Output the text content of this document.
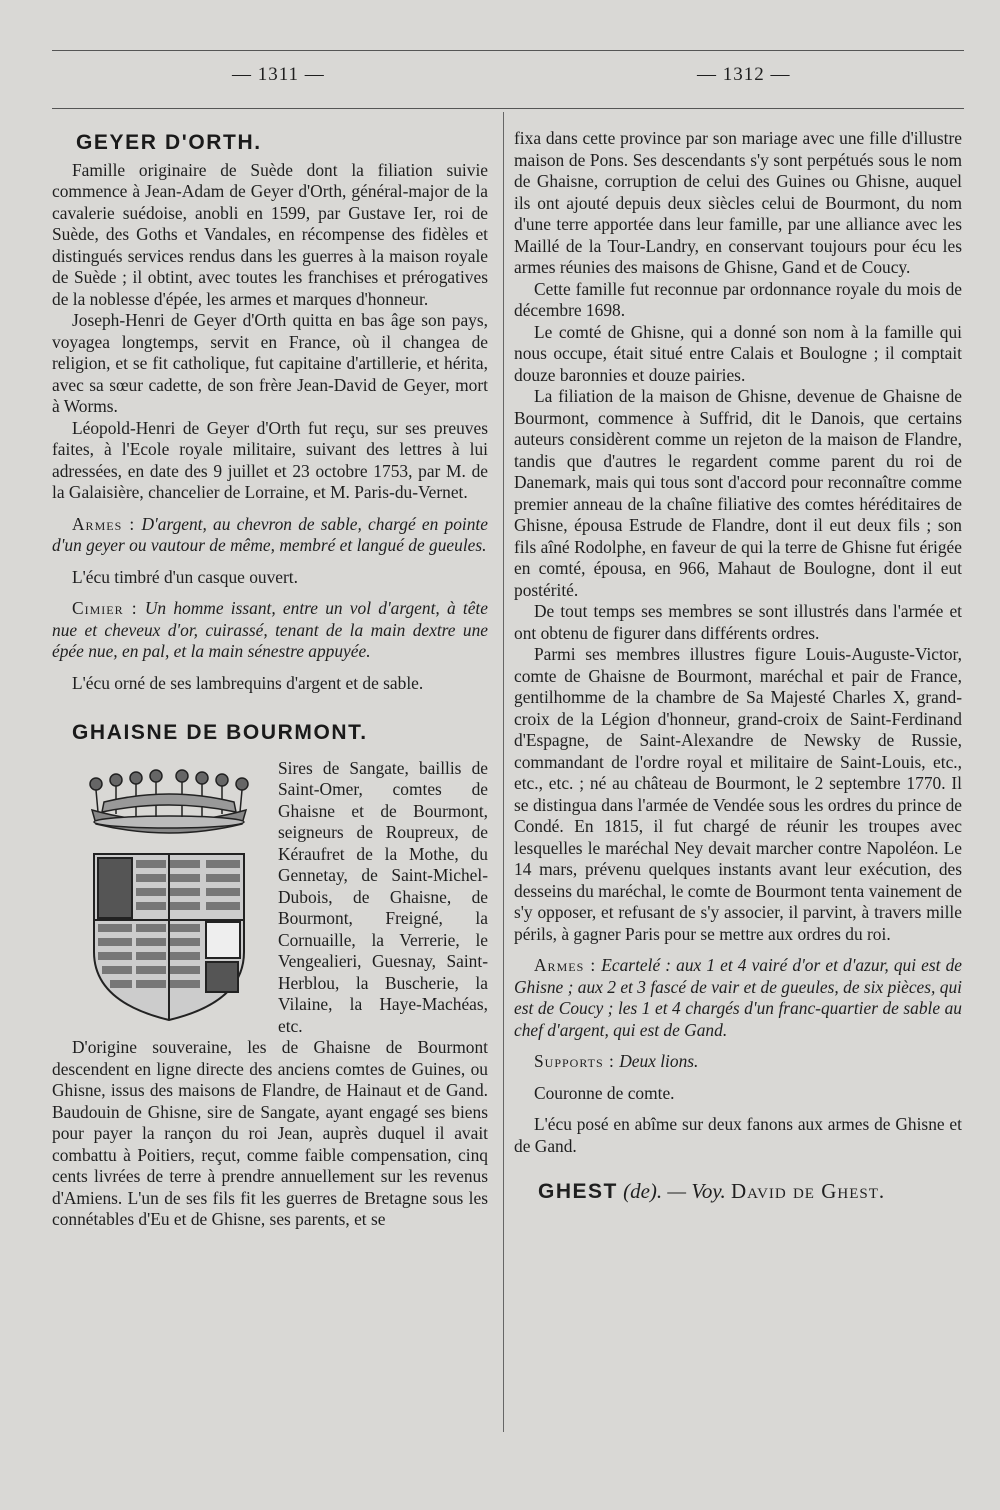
— 1311 —	— 1312 —
GEYER D'ORTH.

Famille originaire de Suède dont la filiation suivie commence à Jean-Adam de Geyer d'Orth, général-major de la cavalerie suédoise, anobli en 1599, par Gustave Ier, roi de Suède, des Goths et Vandales, en récompense des fidèles et distingués services rendus dans les guerres à la maison royale de Suède ; il obtint, avec toutes les franchises et prérogatives de la noblesse d'épée, les armes et marques d'honneur.

Joseph-Henri de Geyer d'Orth quitta en bas âge son pays, voyagea longtemps, servit en France, où il changea de religion, et se fit catholique, fut capitaine d'artillerie, et hérita, avec sa sœur cadette, de son frère Jean-David de Geyer, mort à Worms.

Léopold-Henri de Geyer d'Orth fut reçu, sur ses preuves faites, à l'Ecole royale militaire, suivant des lettres à lui adressées, en date des 9 juillet et 23 octobre 1753, par M. de la Galaisière, chancelier de Lorraine, et M. Paris-du-Vernet.

Armes : D'argent, au chevron de sable, chargé en pointe d'un geyer ou vautour de même, membré et langué de gueules.

L'écu timbré d'un casque ouvert.

Cimier : Un homme issant, entre un vol d'argent, à tête nue et cheveux d'or, cuirassé, tenant de la main dextre une épée nue, en pal, et la main sénestre appuyée.

L'écu orné de ses lambrequins d'argent et de sable.

GHAISNE DE BOURMONT.

Sires de Sangate, baillis de Saint-Omer, comtes de Ghaisne et de Bourmont, seigneurs de Roupreux, de Kéraufret de la Mothe, du Gennetay, de Saint-Michel-Dubois, de Ghaisne, de Bourmont, Freigné, la Cornuaille, la Verrerie, le Vengealieri, Guesnay, Saint-Herblou, la Buscherie, la Vilaine, la Haye-Machéas, etc.

D'origine souveraine, les de Ghaisne de Bourmont descendent en ligne directe des anciens comtes de Guines, ou Ghisne, issus des maisons de Flandre, de Hainaut et de Gand. Baudouin de Ghisne, sire de Sangate, ayant engagé ses biens pour payer la rançon du roi Jean, auprès duquel il avait combattu à Poitiers, reçut, comme faible compensation, cinq cents livrées de terre à prendre annuellement sur les revenus d'Amiens. L'un de ses fils fit les guerres de Bretagne sous les connétables d'Eu et de Ghisne, ses parents, et se

fixa dans cette province par son mariage avec une fille d'illustre maison de Pons. Ses descendants s'y sont perpétués sous le nom de Ghaisne, corruption de celui des Guines ou Ghisne, auquel ils ont ajouté depuis deux siècles celui de Bourmont, du nom d'une terre apportée dans leur famille, par une alliance avec les Maillé de la Tour-Landry, en conservant toujours pour écu les armes réunies des maisons de Ghisne, Gand et de Coucy.

Cette famille fut reconnue par ordonnance royale du mois de décembre 1698.

Le comté de Ghisne, qui a donné son nom à la famille qui nous occupe, était situé entre Calais et Boulogne ; il comptait douze baronnies et douze pairies.

La filiation de la maison de Ghisne, devenue de Ghaisne de Bourmont, commence à Suffrid, dit le Danois, que certains auteurs considèrent comme un rejeton de la maison de Flandre, tandis que d'autres le regardent comme parent du roi de Danemark, mais qui tous sont d'accord pour reconnaître comme premier anneau de la chaîne filiative des comtes héréditaires de Ghisne, épousa Estrude de Flandre, dont il eut deux fils ; son fils aîné Rodolphe, en faveur de qui la terre de Ghisne fut érigée en comté, épousa, en 966, Mahaut de Boulogne, dont il eut postérité.

De tout temps ses membres se sont illustrés dans l'armée et ont obtenu de figurer dans différents ordres.

Parmi ses membres illustres figure Louis-Auguste-Victor, comte de Ghaisne de Bourmont, maréchal et pair de France, gentilhomme de la chambre de Sa Majesté Charles X, grand-croix de la Légion d'honneur, grand-croix de Saint-Ferdinand d'Espagne, de Saint-Alexandre de Newsky de Russie, commandant de l'ordre royal et militaire de Saint-Louis, etc., etc., etc. ; né au château de Bourmont, le 2 septembre 1770. Il se distingua dans l'armée de Vendée sous les ordres du prince de Condé. En 1815, il fut chargé de réunir les troupes avec lesquelles le maréchal Ney devait marcher contre Napoléon. Le 14 mars, prévenu quelques instants avant leur exécution, des desseins du maréchal, le comte de Bourmont tenta vainement de s'y opposer, et refusant de s'y associer, il parvint, à travers mille périls, à gagner Paris pour se mettre aux ordres du roi.

Armes : Ecartelé : aux 1 et 4 vairé d'or et d'azur, qui est de Ghisne ; aux 2 et 3 fascé de vair et de gueules, de six pièces, qui est de Coucy ; les 1 et 4 chargés d'un franc-quartier de sable au chef d'argent, qui est de Gand.

Supports : Deux lions.

Couronne de comte.

L'écu posé en abîme sur deux fanons aux armes de Ghisne et de Gand.

GHEST (de). — Voy. David de Ghest.
